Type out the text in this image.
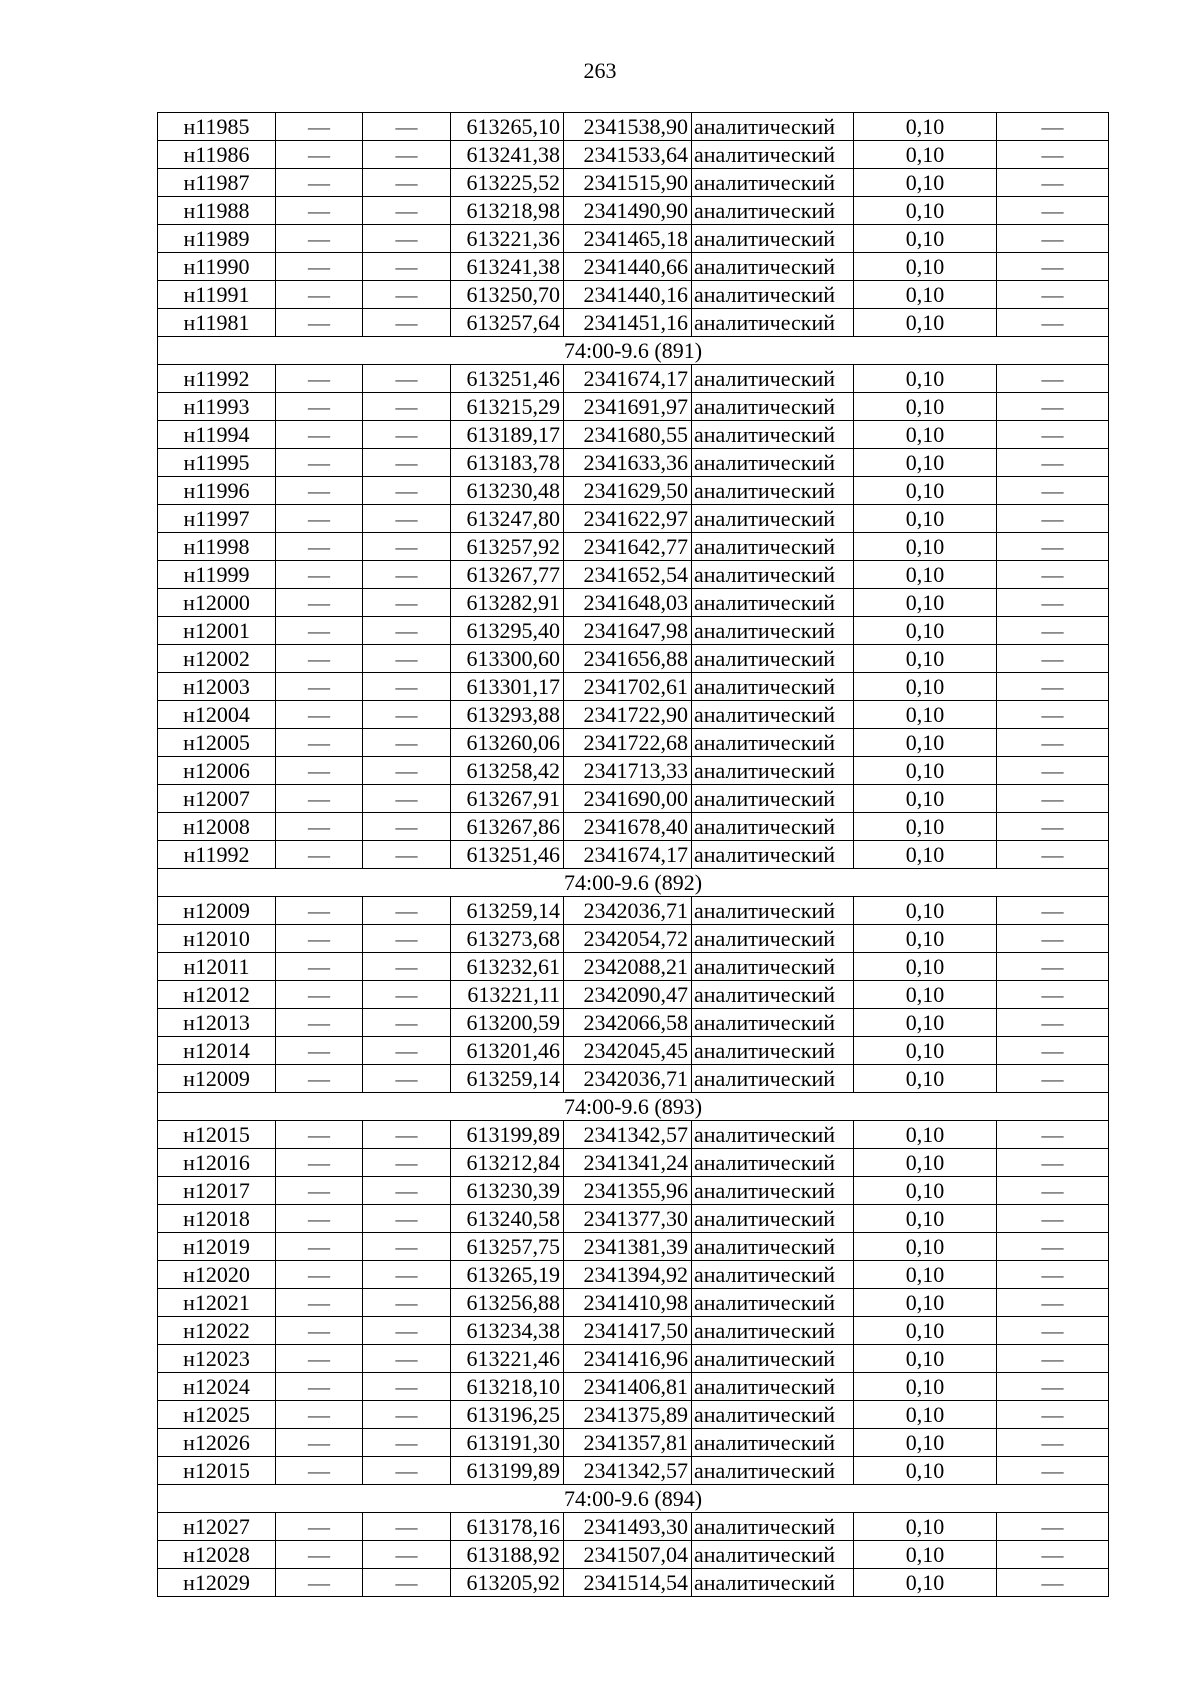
263
н11985	—	—	613265,10	2341538,90	аналитический	0,10	—
н11986	—	—	613241,38	2341533,64	аналитический	0,10	—
н11987	—	—	613225,52	2341515,90	аналитический	0,10	—
н11988	—	—	613218,98	2341490,90	аналитический	0,10	—
н11989	—	—	613221,36	2341465,18	аналитический	0,10	—
н11990	—	—	613241,38	2341440,66	аналитический	0,10	—
н11991	—	—	613250,70	2341440,16	аналитический	0,10	—
н11981	—	—	613257,64	2341451,16	аналитический	0,10	—
74:00-9.6 (891)							
н11992	—	—	613251,46	2341674,17	аналитический	0,10	—
н11993	—	—	613215,29	2341691,97	аналитический	0,10	—
н11994	—	—	613189,17	2341680,55	аналитический	0,10	—
н11995	—	—	613183,78	2341633,36	аналитический	0,10	—
н11996	—	—	613230,48	2341629,50	аналитический	0,10	—
н11997	—	—	613247,80	2341622,97	аналитический	0,10	—
н11998	—	—	613257,92	2341642,77	аналитический	0,10	—
н11999	—	—	613267,77	2341652,54	аналитический	0,10	—
н12000	—	—	613282,91	2341648,03	аналитический	0,10	—
н12001	—	—	613295,40	2341647,98	аналитический	0,10	—
н12002	—	—	613300,60	2341656,88	аналитический	0,10	—
н12003	—	—	613301,17	2341702,61	аналитический	0,10	—
н12004	—	—	613293,88	2341722,90	аналитический	0,10	—
н12005	—	—	613260,06	2341722,68	аналитический	0,10	—
н12006	—	—	613258,42	2341713,33	аналитический	0,10	—
н12007	—	—	613267,91	2341690,00	аналитический	0,10	—
н12008	—	—	613267,86	2341678,40	аналитический	0,10	—
н11992	—	—	613251,46	2341674,17	аналитический	0,10	—
74:00-9.6 (892)							
н12009	—	—	613259,14	2342036,71	аналитический	0,10	—
н12010	—	—	613273,68	2342054,72	аналитический	0,10	—
н12011	—	—	613232,61	2342088,21	аналитический	0,10	—
н12012	—	—	613221,11	2342090,47	аналитический	0,10	—
н12013	—	—	613200,59	2342066,58	аналитический	0,10	—
н12014	—	—	613201,46	2342045,45	аналитический	0,10	—
н12009	—	—	613259,14	2342036,71	аналитический	0,10	—
74:00-9.6 (893)							
н12015	—	—	613199,89	2341342,57	аналитический	0,10	—
н12016	—	—	613212,84	2341341,24	аналитический	0,10	—
н12017	—	—	613230,39	2341355,96	аналитический	0,10	—
н12018	—	—	613240,58	2341377,30	аналитический	0,10	—
н12019	—	—	613257,75	2341381,39	аналитический	0,10	—
н12020	—	—	613265,19	2341394,92	аналитический	0,10	—
н12021	—	—	613256,88	2341410,98	аналитический	0,10	—
н12022	—	—	613234,38	2341417,50	аналитический	0,10	—
н12023	—	—	613221,46	2341416,96	аналитический	0,10	—
н12024	—	—	613218,10	2341406,81	аналитический	0,10	—
н12025	—	—	613196,25	2341375,89	аналитический	0,10	—
н12026	—	—	613191,30	2341357,81	аналитический	0,10	—
н12015	—	—	613199,89	2341342,57	аналитический	0,10	—
74:00-9.6 (894)							
н12027	—	—	613178,16	2341493,30	аналитический	0,10	—
н12028	—	—	613188,92	2341507,04	аналитический	0,10	—
н12029	—	—	613205,92	2341514,54	аналитический	0,10	—
